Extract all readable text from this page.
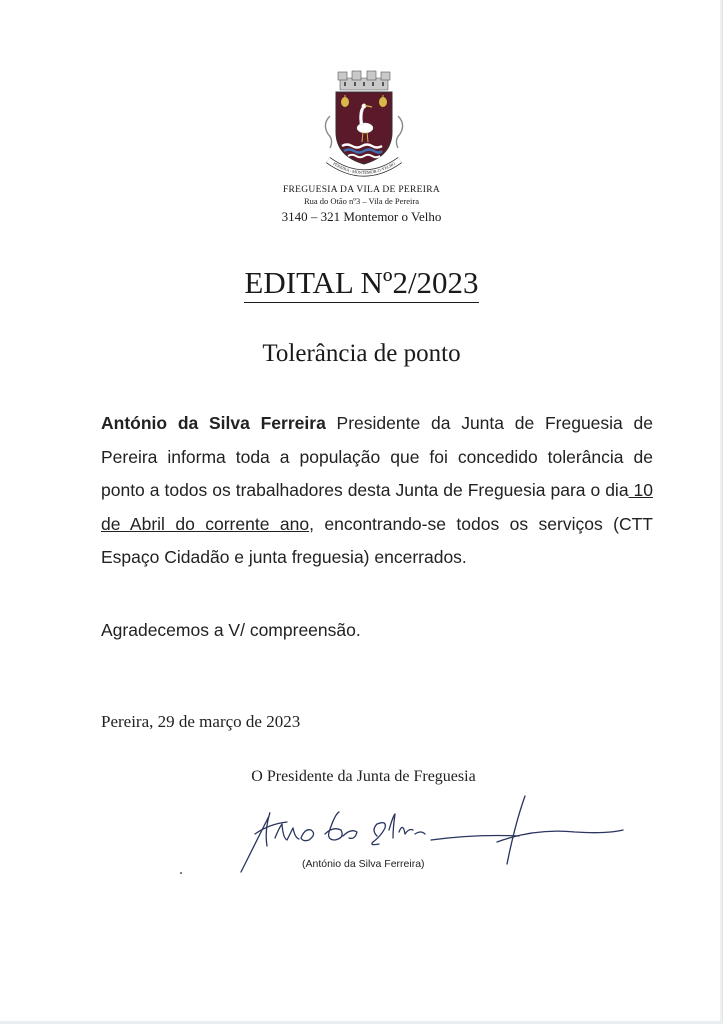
PEREIRA - MONTEMOR-O-VELHO
FREGUESIA DA VILA DE PEREIRA
Rua do Otão nº3 – Vila de Pereira
3140 – 321 Montemor o Velho
EDITAL Nº2/2023
Tolerância de ponto
António da Silva Ferreira Presidente da Junta de Freguesia de Pereira informa toda a população que foi concedido tolerância de ponto a todos os trabalhadores desta Junta de Freguesia para o dia 10 de Abril do corrente ano, encontrando-se todos os serviços (CTT Espaço Cidadão e junta freguesia) encerrados.
Agradecemos a V/ compreensão.
Pereira, 29 de março de 2023
O Presidente da Junta de Freguesia
(António da Silva Ferreira)
